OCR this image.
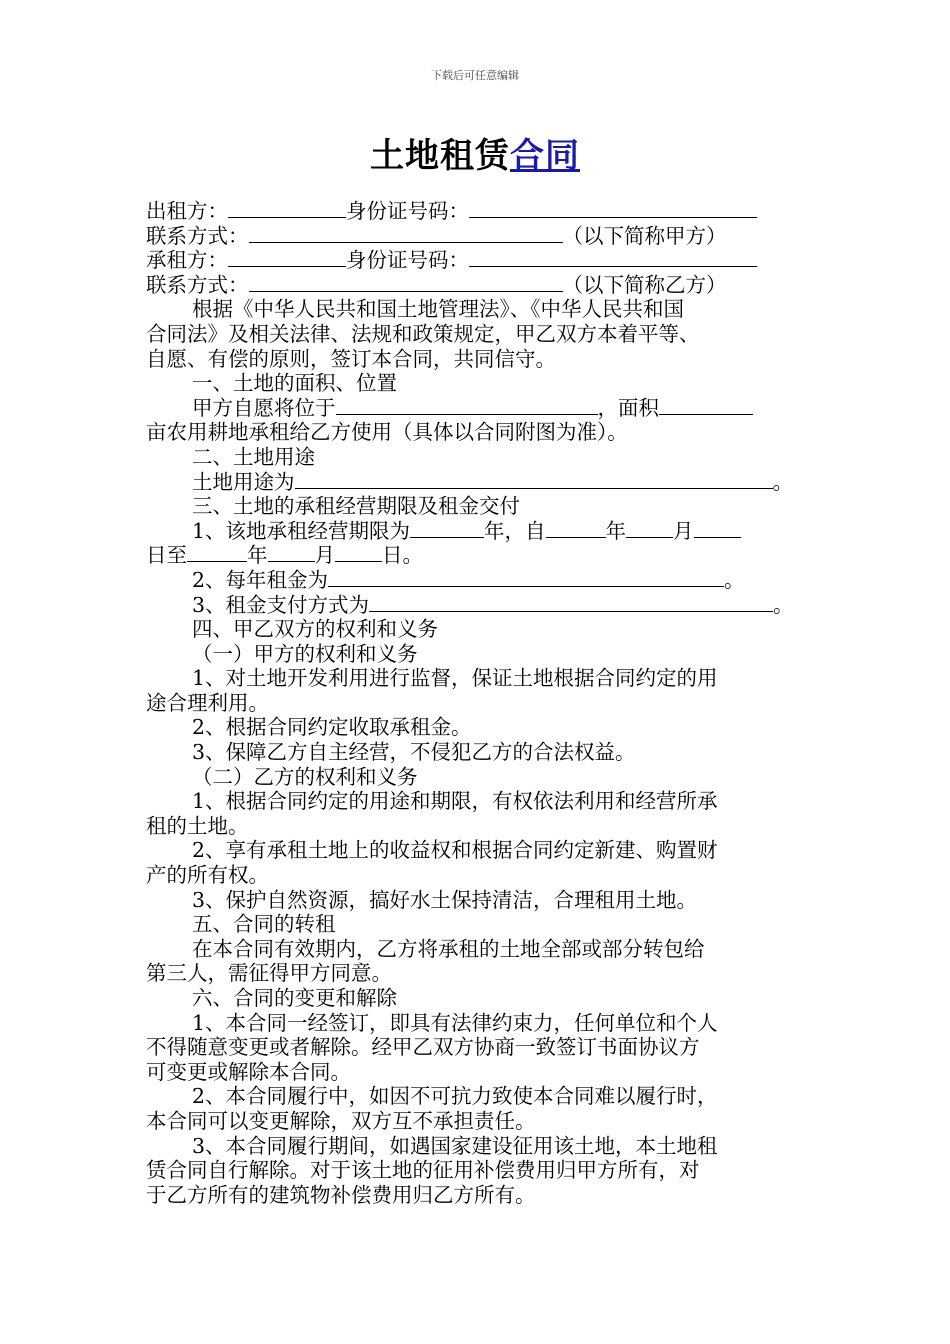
下载后可任意编辑
土地租赁合同
出租方：	身份证号码：
联系方式：	（以下简称甲方）
承租方：	身份证号码：
联系方式：	（以下简称乙方）
根据《中华人民共和国土地管理法》、《中华人民共和国
合同法》及相关法律、法规和政策规定，甲乙双方本着平等、
自愿、有偿的原则，签订本合同，共同信守。
一、土地的面积、位置
甲方自愿将位于	，面积
亩农用耕地承租给乙方使用（具体以合同附图为准）。
二、土地用途
土地用途为	。
三、土地的承租经营期限及租金交付
1、该地承租经营期限为	年，自	年 月
日至	年 月 日。
2、每年租金为	。
3、租金支付方式为	。
四、甲乙双方的权利和义务
（一）甲方的权利和义务
1、对土地开发利用进行监督，保证土地根据合同约定的用
途合理利用。
2、根据合同约定收取承租金。
3、保障乙方自主经营，不侵犯乙方的合法权益。
（二）乙方的权利和义务
1、根据合同约定的用途和期限，有权依法利用和经营所承
租的土地。
2、享有承租土地上的收益权和根据合同约定新建、购置财
产的所有权。
3、保护自然资源，搞好水土保持清洁，合理租用土地。
五、合同的转租
在本合同有效期内，乙方将承租的土地全部或部分转包给
第三人，需征得甲方同意。
六、合同的变更和解除
1、本合同一经签订，即具有法律约束力，任何单位和个人
不得随意变更或者解除。经甲乙双方协商一致签订书面协议方
可变更或解除本合同。
2、本合同履行中，如因不可抗力致使本合同难以履行时，
本合同可以变更解除，双方互不承担责任。
3、本合同履行期间，如遇国家建设征用该土地，本土地租
赁合同自行解除。对于该土地的征用补偿费用归甲方所有，对
于乙方所有的建筑物补偿费用归乙方所有。
